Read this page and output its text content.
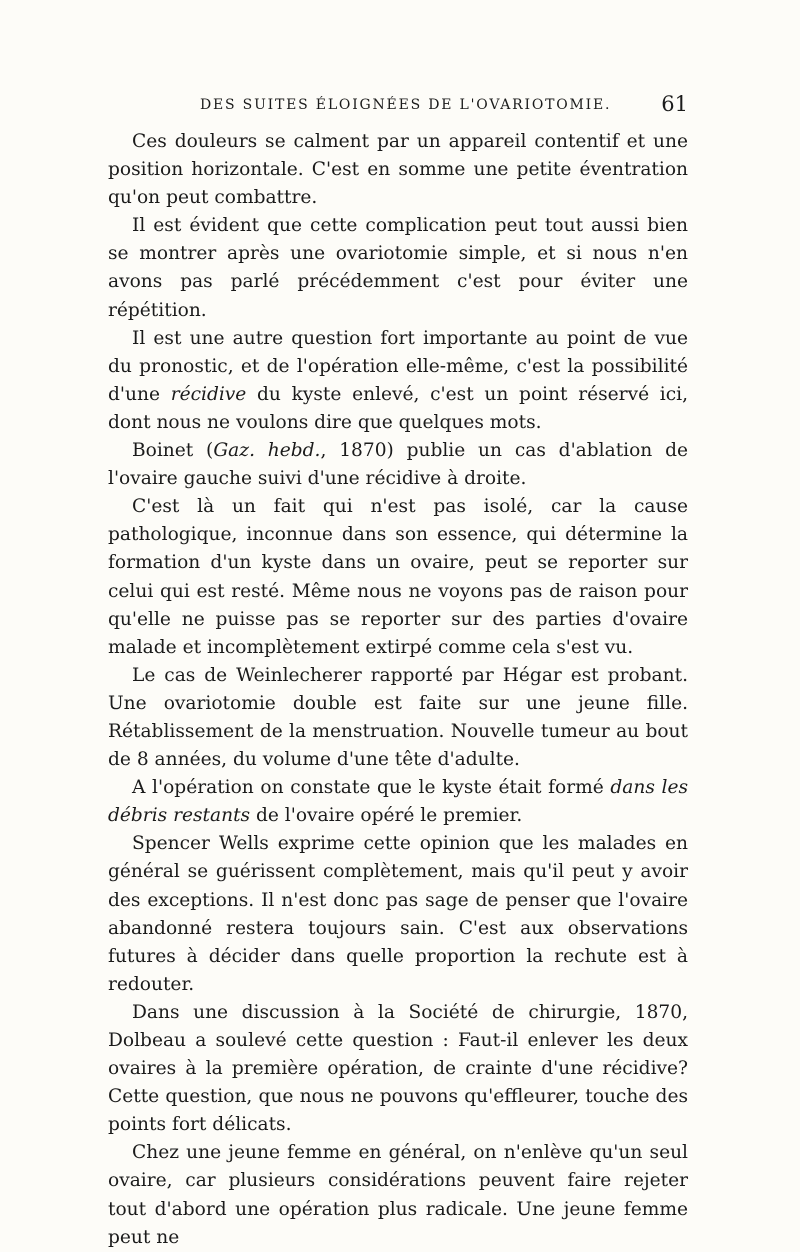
DES SUITES ÉLOIGNÉES DE L'OVARIOTOMIE. 61

Ces douleurs se calment par un appareil contentif et une position horizontale. C'est en somme une petite éventration qu'on peut combattre.

Il est évident que cette complication peut tout aussi bien se montrer après une ovariotomie simple, et si nous n'en avons pas parlé précédemment c'est pour éviter une répétition.

Il est une autre question fort importante au point de vue du pronostic, et de l'opération elle-même, c'est la possibilité d'une récidive du kyste enlevé, c'est un point réservé ici, dont nous ne voulons dire que quelques mots.

Boinet (Gaz. hebd., 1870) publie un cas d'ablation de l'ovaire gauche suivi d'une récidive à droite.

C'est là un fait qui n'est pas isolé, car la cause pathologique, inconnue dans son essence, qui détermine la formation d'un kyste dans un ovaire, peut se reporter sur celui qui est resté. Même nous ne voyons pas de raison pour qu'elle ne puisse pas se reporter sur des parties d'ovaire malade et incomplètement extirpé comme cela s'est vu.

Le cas de Weinlecherer rapporté par Hégar est probant. Une ovariotomie double est faite sur une jeune fille. Rétablissement de la menstruation. Nouvelle tumeur au bout de 8 années, du volume d'une tête d'adulte.

A l'opération on constate que le kyste était formé dans les débris restants de l'ovaire opéré le premier.

Spencer Wells exprime cette opinion que les malades en général se guérissent complètement, mais qu'il peut y avoir des exceptions. Il n'est donc pas sage de penser que l'ovaire abandonné restera toujours sain. C'est aux observations futures à décider dans quelle proportion la rechute est à redouter.

Dans une discussion à la Société de chirurgie, 1870, Dolbeau a soulevé cette question : Faut-il enlever les deux ovaires à la première opération, de crainte d'une récidive? Cette question, que nous ne pouvons qu'effleurer, touche des points fort délicats.

Chez une jeune femme en général, on n'enlève qu'un seul ovaire, car plusieurs considérations peuvent faire rejeter tout d'abord une opération plus radicale. Une jeune femme peut ne
